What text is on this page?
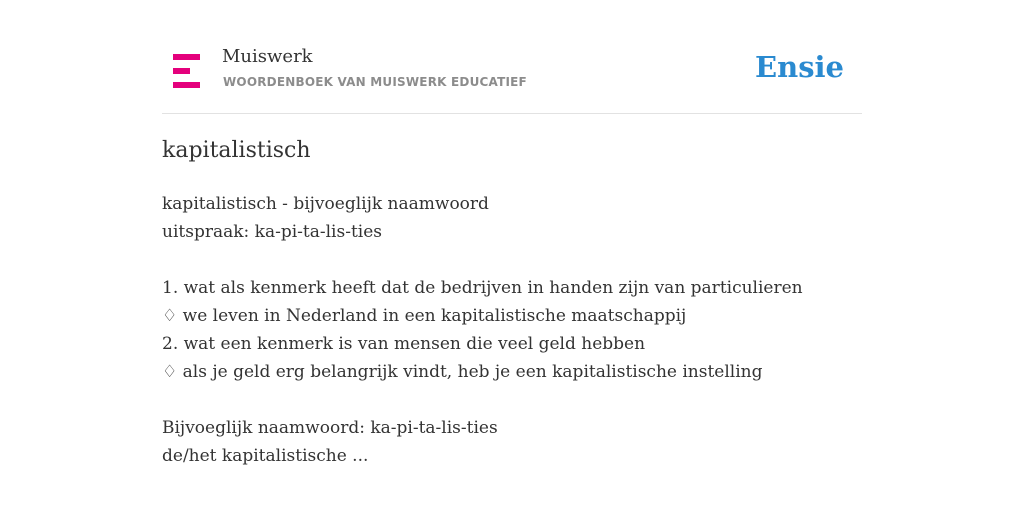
Muiswerk
WOORDENBOEK VAN MUISWERK EDUCATIEF	Ensie
kapitalistisch
kapitalistisch - bijvoeglijk naamwoord
uitspraak: ka-pi-ta-lis-ties
1. wat als kenmerk heeft dat de bedrijven in handen zijn van particulieren
♢ we leven in Nederland in een kapitalistische maatschappij
2. wat een kenmerk is van mensen die veel geld hebben
♢ als je geld erg belangrijk vindt, heb je een kapitalistische instelling
Bijvoeglijk naamwoord: ka-pi-ta-lis-ties
de/het kapitalistische ...
